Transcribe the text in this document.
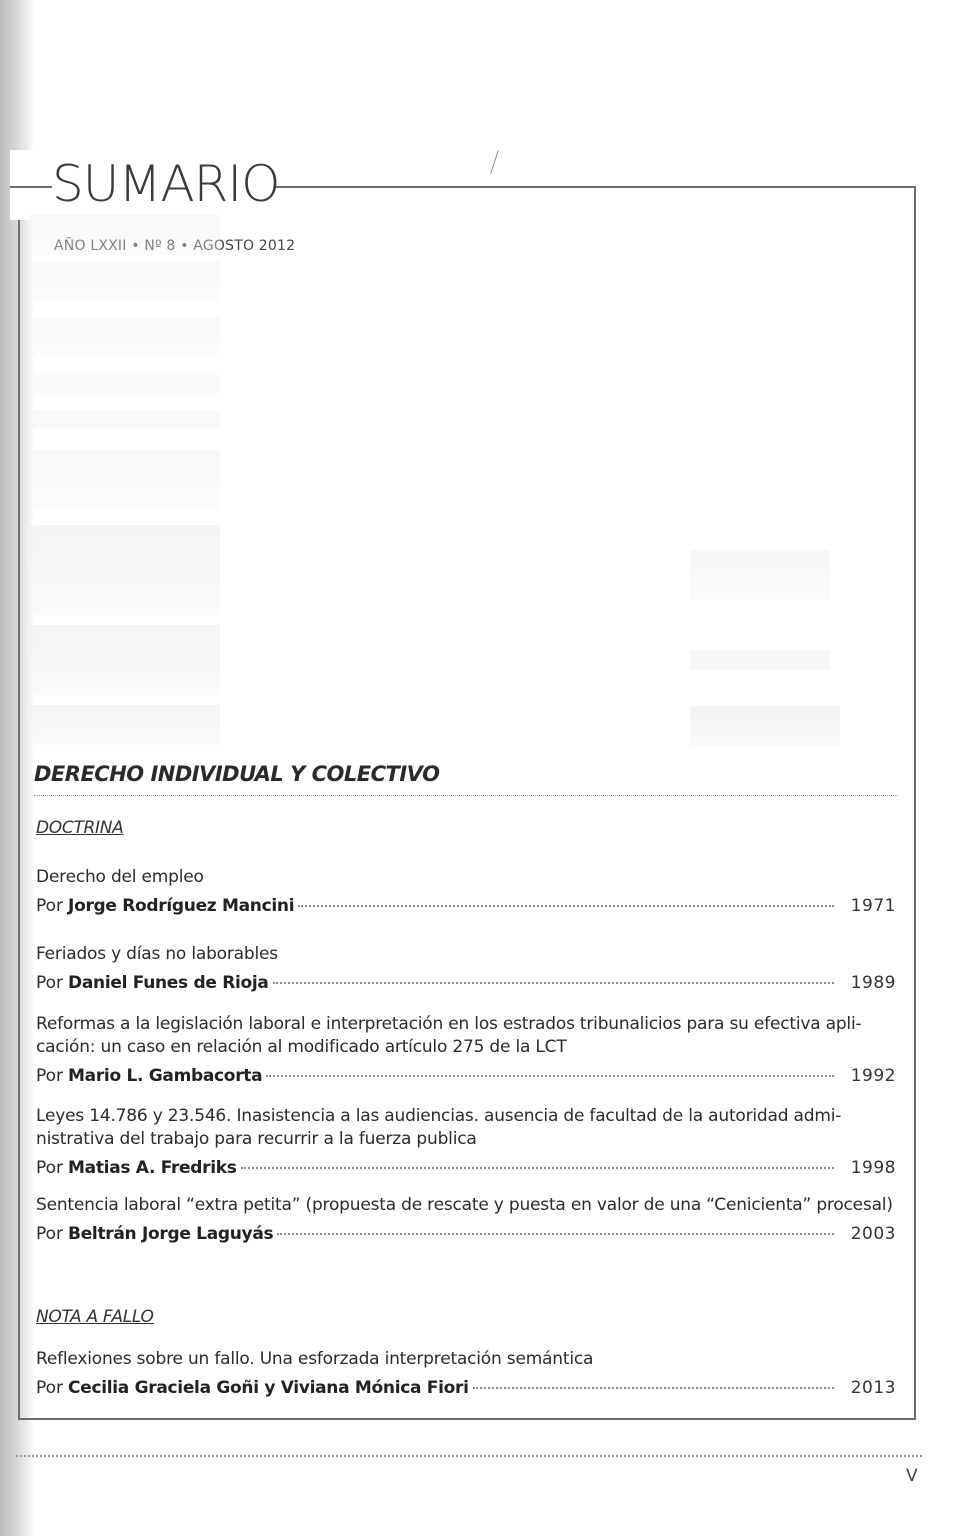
SUMARIO
AÑO LXXII • Nº 8 • AGOSTO 2012
DERECHO INDIVIDUAL Y COLECTIVO
DOCTRINA
Derecho del empleo
Por Jorge Rodríguez Mancini	1971
Feriados y días no laborables
Por Daniel Funes de Rioja	1989
Reformas a la legislación laboral e interpretación en los estrados tribunalicios para su efectiva aplicación: un caso en relación al modificado artículo 275 de la LCT
Por Mario L. Gambacorta	1992
Leyes 14.786 y 23.546. Inasistencia a las audiencias. ausencia de facultad de la autoridad administrativa del trabajo para recurrir a la fuerza publica
Por Matias A. Fredriks	1998
Sentencia laboral “extra petita” (propuesta de rescate y puesta en valor de una “Cenicienta” procesal)
Por Beltrán Jorge Laguyás	2003
NOTA A FALLO
Reflexiones sobre un fallo. Una esforzada interpretación semántica
Por Cecilia Graciela Goñi y Viviana Mónica Fiori	2013
V
